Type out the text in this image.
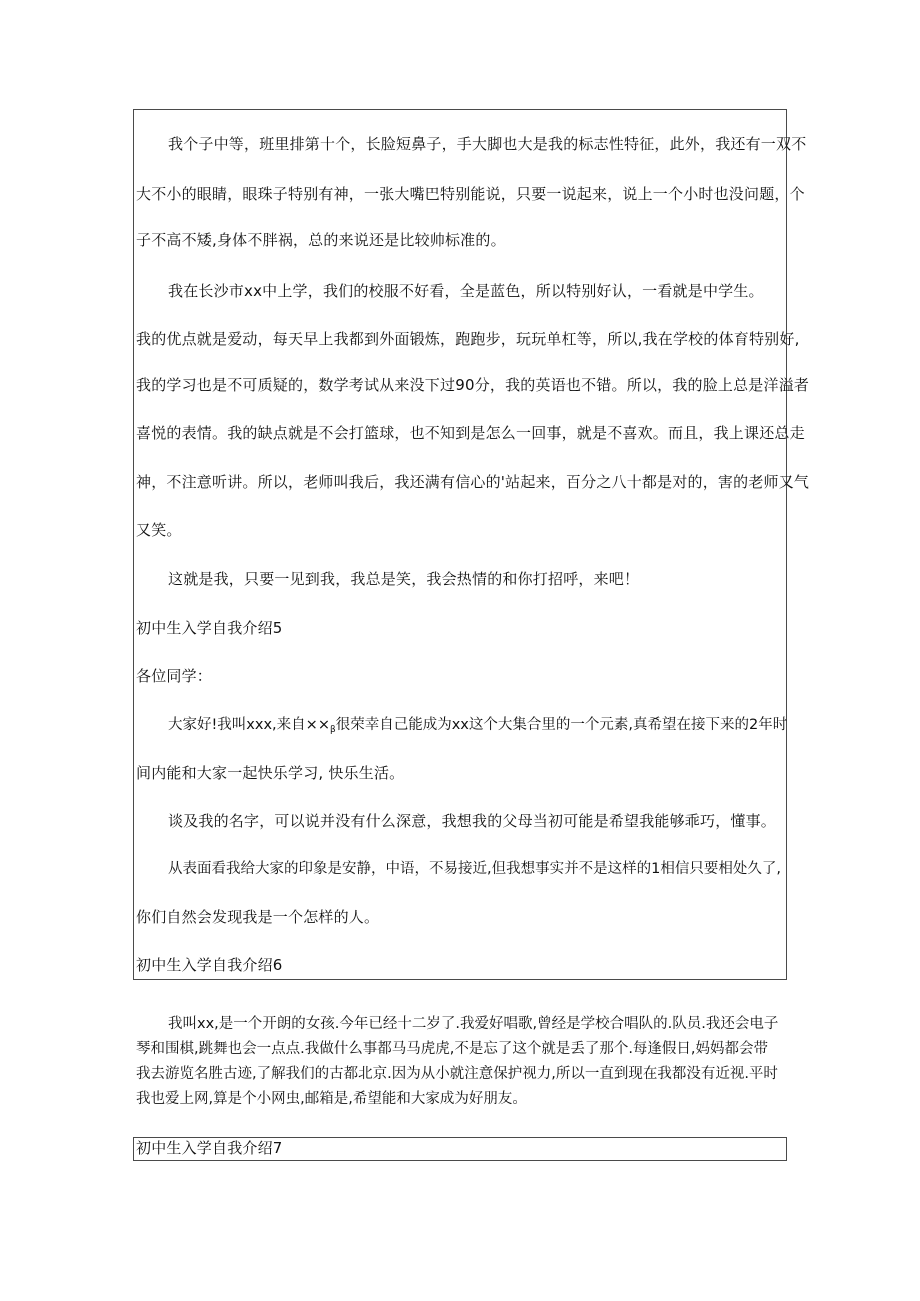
我个子中等，班里排第十个，长脸短鼻子，手大脚也大是我的标志性特征，此外，我还有一双不
大不小的眼睛，眼珠子特别有神，一张大嘴巴特别能说，只要一说起来，说上一个小时也没问题，个
子不高不矮,身体不胖祸，总的来说还是比较帅标准的。
我在长沙市xx中上学，我们的校服不好看，全是蓝色，所以特别好认，一看就是中学生。
我的优点就是爱动，每天早上我都到外面锻炼，跑跑步，玩玩单杠等，所以,我在学校的体育特别好,
我的学习也是不可质疑的，数学考试从来没下过90分，我的英语也不错。所以，我的脸上总是洋溢者
喜悦的表情。我的缺点就是不会打篮球，也不知到是怎么一回事，就是不喜欢。而且，我上课还总走
神，不注意听讲。所以，老师叫我后，我还满有信心的'站起来，百分之八十都是对的，害的老师又气
又笑。
这就是我，只要一见到我，我总是笑，我会热情的和你打招呼，来吧！
初中生入学自我介绍5
各位同学：
大家好!我叫xxx,来自$\times\times_\beta$很荣幸自己能成为xx这个大集合里的一个元素,真希望在接下来的2年时
间内能和大家一起快乐学习, 快乐生活。
谈及我的名字，可以说并没有什么深意，我想我的父母当初可能是希望我能够乖巧，懂事。
从表面看我给大家的印象是安静，中语，不易接近,但我想事实并不是这样的1相信只要相处久了,
你们自然会发现我是一个怎样的人。
初中生入学自我介绍6
我叫xx,是一个开朗的女孩.今年已经十二岁了.我爱好唱歌,曾经是学校合唱队的.队员.我还会电子
琴和围棋,跳舞也会一点点.我做什么事都马马虎虎,不是忘了这个就是丢了那个.每逢假日,妈妈都会带
我去游览名胜古迹,了解我们的古都北京.因为从小就注意保护视力,所以一直到现在我都没有近视.平时
我也爱上网,算是个小网虫,邮箱是,希望能和大家成为好朋友。
初中生入学自我介绍7
